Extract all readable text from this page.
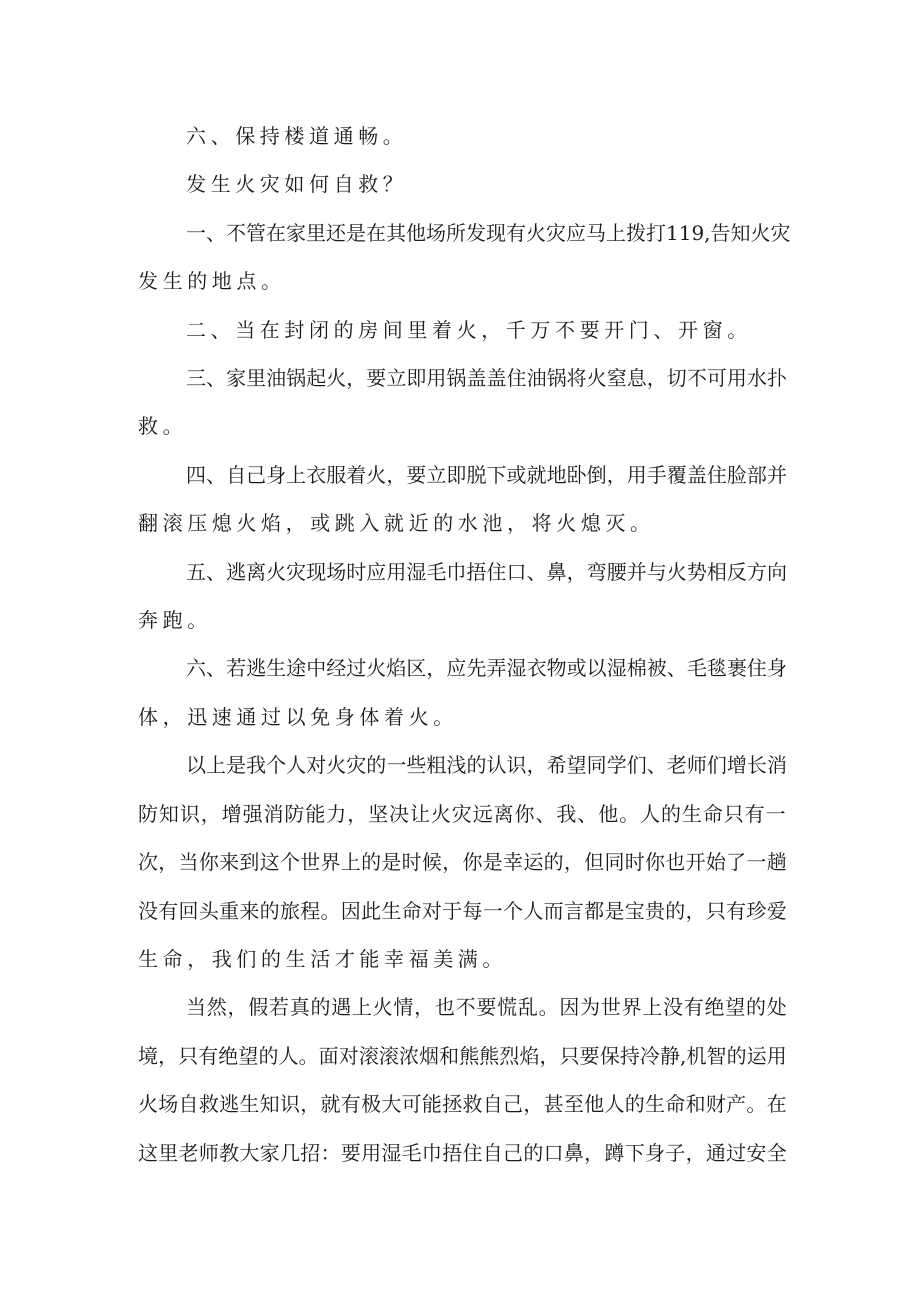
六、保持楼道通畅。
发生火灾如何自救？
一、不管在家里还是在其他场所发现有火灾应马上拨打119,告知火灾
发生的地点。
二、当在封闭的房间里着火，千万不要开门、开窗。
三、家里油锅起火，要立即用锅盖盖住油锅将火窒息，切不可用水扑
救。
四、自己身上衣服着火，要立即脱下或就地卧倒，用手覆盖住脸部并
翻滚压熄火焰，或跳入就近的水池，将火熄灭。
五、逃离火灾现场时应用湿毛巾捂住口、鼻，弯腰并与火势相反方向
奔跑。
六、若逃生途中经过火焰区，应先弄湿衣物或以湿棉被、毛毯裹住身
体，迅速通过以免身体着火。
以上是我个人对火灾的一些粗浅的认识，希望同学们、老师们增长消
防知识，增强消防能力，坚决让火灾远离你、我、他。人的生命只有一
次，当你来到这个世界上的是时候，你是幸运的，但同时你也开始了一趟
没有回头重来的旅程。因此生命对于每一个人而言都是宝贵的，只有珍爱
生命，我们的生活才能幸福美满。
当然，假若真的遇上火情，也不要慌乱。因为世界上没有绝望的处
境，只有绝望的人。面对滚滚浓烟和熊熊烈焰，只要保持冷静,机智的运用
火场自救逃生知识，就有极大可能拯救自己，甚至他人的生命和财产。在
这里老师教大家几招：要用湿毛巾捂住自己的口鼻，蹲下身子，通过安全
